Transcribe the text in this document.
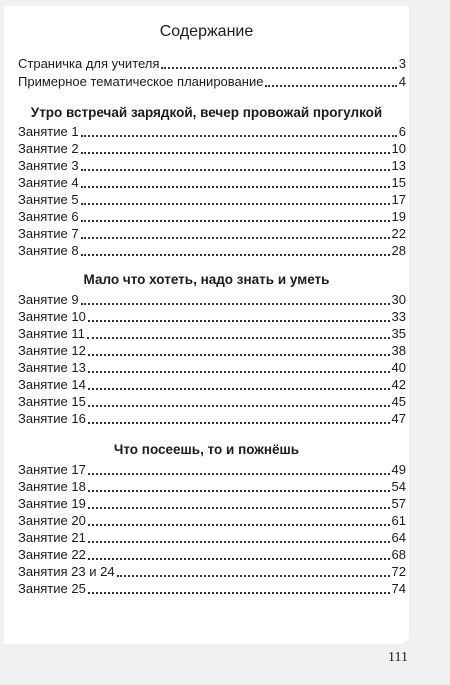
Содержание
Страничка для учителя	3
Примерное тематическое планирование	4
Утро встречай зарядкой, вечер провожай прогулкой
Занятие 1	6
Занятие 2	10
Занятие 3	13
Занятие 4	15
Занятие 5	17
Занятие 6	19
Занятие 7	22
Занятие 8	28
Мало что хотеть, надо знать и уметь
Занятие 9	30
Занятие 10	33
Занятие 11	35
Занятие 12	38
Занятие 13	40
Занятие 14	42
Занятие 15	45
Занятие 16	47
Что посеешь, то и пожнёшь
Занятие 17	49
Занятие 18	54
Занятие 19	57
Занятие 20	61
Занятие 21	64
Занятие 22	68
Занятия 23 и 24	72
Занятие 25	74
111
